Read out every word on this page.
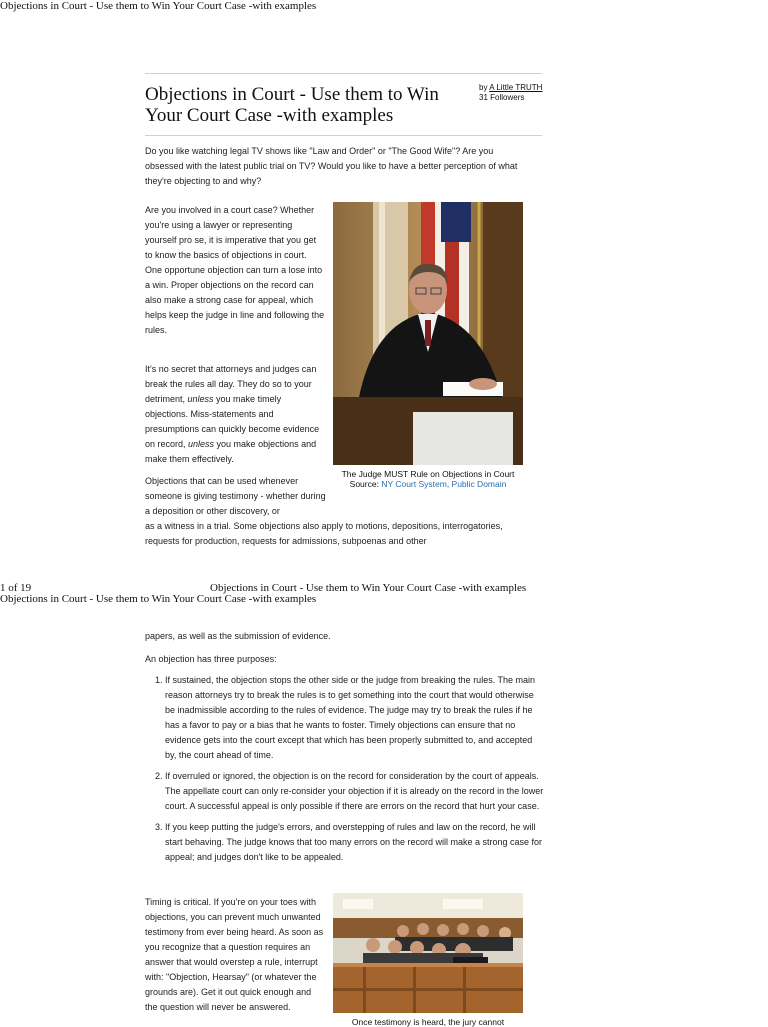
Objections in Court - Use them to Win Your Court Case -with examples
Objections in Court - Use them to Win Your Court Case -with examples
by A Little TRUTH
31 Followers

Do you like watching legal TV shows like "Law and Order" or "The Good Wife"? Are you obsessed with the latest public trial on TV? Would you like to have a better perception of what they're objecting to and why?

Are you involved in a court case? Whether you're using a lawyer or representing yourself pro se, it is imperative that you get to know the basics of objections in court. One opportune objection can turn a lose into a win. Proper objections on the record can also make a strong case for appeal, which helps keep the judge in line and following the rules.

It's no secret that attorneys and judges can break the rules all day. They do so to your detriment, unless you make timely objections. Miss-statements and presumptions can quickly become evidence on record, unless you make objections and make them effectively.

Objections that can be used whenever someone is giving testimony - whether during a deposition or other discovery, or

as a witness in a trial. Some objections also apply to motions, depositions, interrogatories, requests for production, requests for admissions, subpoenas and other

The Judge MUST Rule on Objections in Court
Source: NY Court System, Public Domain
1 of 19	Objections in Court - Use them to Win Your Court Case -with examples
Objections in Court - Use them to Win Your Court Case -with examples

papers, as well as the submission of evidence.

An objection has three purposes:

1. If sustained, the objection stops the other side or the judge from breaking the rules. The main reason attorneys try to break the rules is to get something into the court that would otherwise be inadmissible according to the rules of evidence. The judge may try to break the rules if he has a favor to pay or a bias that he wants to foster. Timely objections can ensure that no evidence gets into the court except that which has been properly submitted to, and accepted by, the court ahead of time.
2. If overruled or ignored, the objection is on the record for consideration by the court of appeals. The appellate court can only re-consider your objection if it is already on the record in the lower court. A successful appeal is only possible if there are errors on the record that hurt your case.
3. If you keep putting the judge's errors, and overstepping of rules and law on the record, he will start behaving. The judge knows that too many errors on the record will make a strong case for appeal; and judges don't like to be appealed.

Timing is critical. If you're on your toes with objections, you can prevent much unwanted testimony from ever being heard. As soon as you recognize that a question requires an answer that would overstep a rule, interrupt with: "Objection, Hearsay" (or whatever the grounds are). Get it out quick enough and the question will never be answered.

Once testimony is heard, the jury cannot
